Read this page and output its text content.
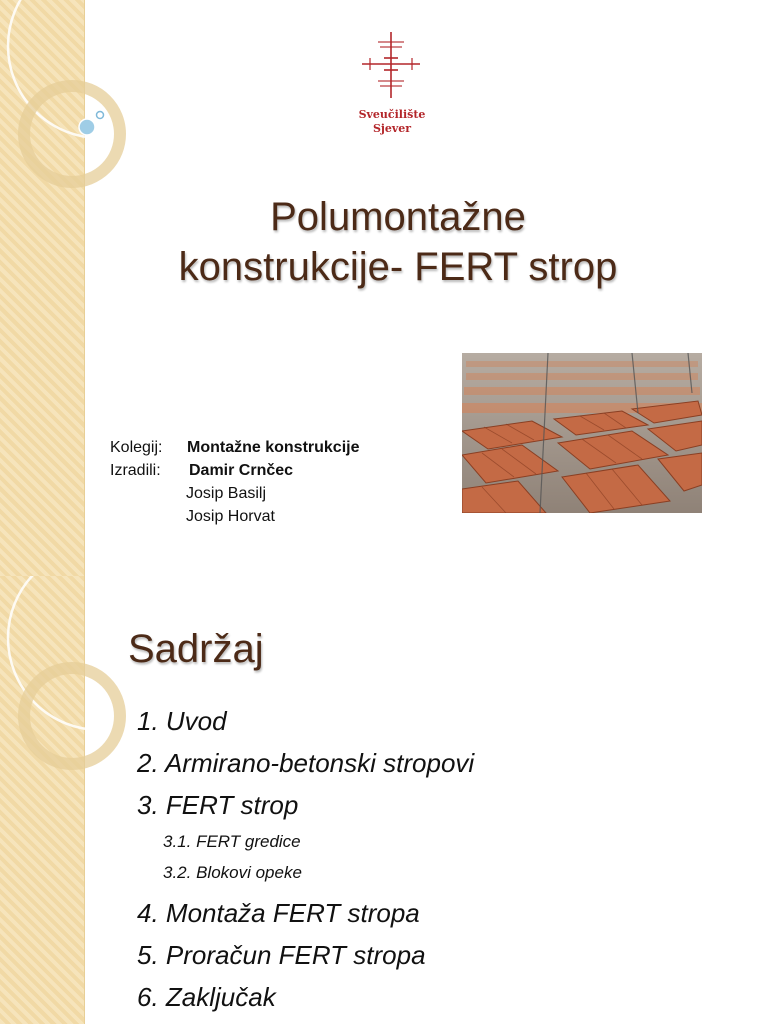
Sveučilište
Sjever
Polumontažne
konstrukcije- FERT strop
Kolegij: Montažne konstrukcije
Izradili: Damir Crnčec
Josip Basilj
Josip Horvat
Sadržaj
1. Uvod
2. Armirano-betonski stropovi
3. FERT strop
3.1. FERT gredice
3.2. Blokovi opeke
4. Montaža FERT stropa
5. Proračun FERT stropa
6. Zaključak
